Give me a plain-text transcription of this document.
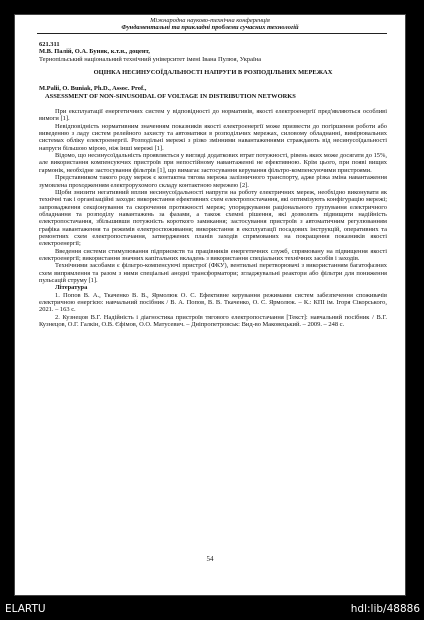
Міжнародна науково-технічна конференція
Фундаментальні та прикладні проблеми сучасних технологій

621.311

М.В. Палій, О.А. Буняк, к.т.н., доцент,

Тернопільський національний технічний університет імені Івана Пулюя, Україна

ОЦІНКА НЕСИНУСОЇДАЛЬНОСТІ НАПРУГИ В РОЗПОДІЛЬНИХ МЕРЕЖАХ

M.Palii, O. Buniak, Ph.D., Assoc. Prof.,

ASSESSMENT OF NON-SINUSOIDAL OF VOLTAGE IN DISTRIBUTION NETWORKS

При експлуатації енергетичних систем у відповідності до нормативів, якості електроенергії пред'являються особливі вимоги [1].

Невідповідність нормативним значенням показників якості електроенергії може призвести до погіршення роботи або виведенню з ладу систем релейного захисту та автоматики в розподільчих мережах, силовому обладнанні, вимірювальних системах обліку електроенергії. Розподільні мережі з різко змінними навантаженнями страждають від несинусоїдальності напруги більшою мірою, ніж інші мережі [1].

Відомо, що несинусоїдальність проявляється у вигляді додаткових втрат потужності, рівень яких може досягати до 15%, але використання компенсуючих пристроїв при непостійному навантаженні не ефективною. Крім цього, при появі вищих гармонік, необхідне застосування фільтрів [1], що вимагає застосування керування фільтро-компенсуючими пристроями.

Представником такого роду мереж є контактна тягова мережа залізничного транспорту, адже різка зміна навантаження зумовлена проходженням електрорухомого складу контактною мережею [2].

Щоби знизити негативний вплив несинусоїдальності напруги на роботу електричних мереж, необхідно виконувати як технічні так і організаційні заходи: використання ефективних схем електропостачання, які оптимізують конфігурацію мережі; запровадження секціонування та скорочення протяжності мереж; упорядкування раціонального групування електричного обладнання та розподілу навантажень за фазами, а також схемні рішення, які дозволять підвищити надійність електропостачання, збільшивши потужність короткого замикання; застосування пристроїв з автоматичним регулюванням графіка навантаження та режимів електроспоживання; використання в експлуатації посадових інструкцій, оперативних та ремонтних схем електропостачання, затверджених планів заходів спрямованих на покращення показників якості електроенергії;

Введення системи стимулювання підприємств та працівників енергетичних служб, спрямовану на підвищення якості електроенергії; використання значних капітальних вкладень з використання спеціальних технічних засобів і заходів.

Технічними засобами є фільтро-компенсуючі пристрої (ФКУ), вентильні перетворювачі з використанням багатофазних схем випрямлення та разом з ними спеціальні анодні трансформатори; згладжувальні реактори або фільтри для пониження пульсацій струму [1].

Література

1. Попов В. А., Ткаченко В. В., Ярмолюк О. С. Ефективне керування режимами систем забезпечення споживачів електричною енергією: навчальний посібник / В. А. Попов, В. В. Ткаченко, О. С. Ярмолюк. – К.: КПІ ім. Ігоря Сікорського, 2021. – 163 с.

2. Кузнецов В.Г. Надійність і діагностика пристроїв тягового електропостачання [Текст]: навчальний посібник / В.Г. Кузнецов, О.Г. Галкін, О.В. Єфімов, О.О. Матусевич. – Дніпропетровськ: Вид-во Маковецький. – 2009. – 248 с.

54
ELARTU	hdl:lib/48886
